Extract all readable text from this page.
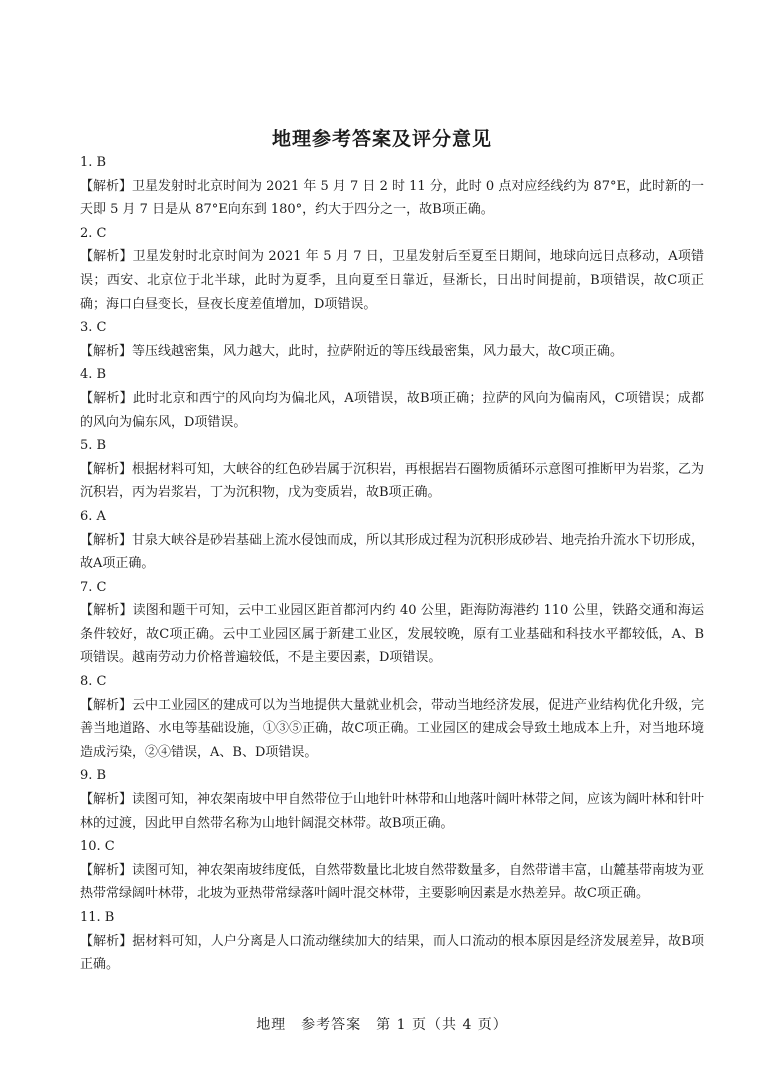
地理参考答案及评分意见
1. B
【解析】卫星发射时北京时间为 2021 年 5 月 7 日 2 时 11 分，此时 0 点对应经线约为 87°E，此时新的一天即 5 月 7 日是从 87°E向东到 180°，约大于四分之一，故B项正确。
2. C
【解析】卫星发射时北京时间为 2021 年 5 月 7 日，卫星发射后至夏至日期间，地球向远日点移动，A项错误；西安、北京位于北半球，此时为夏季，且向夏至日靠近，昼渐长，日出时间提前，B项错误，故C项正确；海口白昼变长，昼夜长度差值增加，D项错误。
3. C
【解析】等压线越密集，风力越大，此时，拉萨附近的等压线最密集，风力最大，故C项正确。
4. B
【解析】此时北京和西宁的风向均为偏北风，A项错误，故B项正确；拉萨的风向为偏南风，C项错误；成都的风向为偏东风，D项错误。
5. B
【解析】根据材料可知，大峡谷的红色砂岩属于沉积岩，再根据岩石圈物质循环示意图可推断甲为岩浆，乙为沉积岩，丙为岩浆岩，丁为沉积物，戊为变质岩，故B项正确。
6. A
【解析】甘泉大峡谷是砂岩基础上流水侵蚀而成，所以其形成过程为沉积形成砂岩、地壳抬升流水下切形成，故A项正确。
7. C
【解析】读图和题干可知，云中工业园区距首都河内约 40 公里，距海防海港约 110 公里，铁路交通和海运条件较好，故C项正确。云中工业园区属于新建工业区，发展较晚，原有工业基础和科技水平都较低，A、B项错误。越南劳动力价格普遍较低，不是主要因素，D项错误。
8. C
【解析】云中工业园区的建成可以为当地提供大量就业机会，带动当地经济发展，促进产业结构优化升级，完善当地道路、水电等基础设施，①③⑤正确，故C项正确。工业园区的建成会导致土地成本上升，对当地环境造成污染，②④错误，A、B、D项错误。
9. B
【解析】读图可知，神农架南坡中甲自然带位于山地针叶林带和山地落叶阔叶林带之间，应该为阔叶林和针叶林的过渡，因此甲自然带名称为山地针阔混交林带。故B项正确。
10. C
【解析】读图可知，神农架南坡纬度低，自然带数量比北坡自然带数量多，自然带谱丰富，山麓基带南坡为亚热带常绿阔叶林带，北坡为亚热带常绿落叶阔叶混交林带，主要影响因素是水热差异。故C项正确。
11. B
【解析】据材料可知，人户分离是人口流动继续加大的结果，而人口流动的根本原因是经济发展差异，故B项正确。
地理　参考答案　第 1 页（共 4 页）
